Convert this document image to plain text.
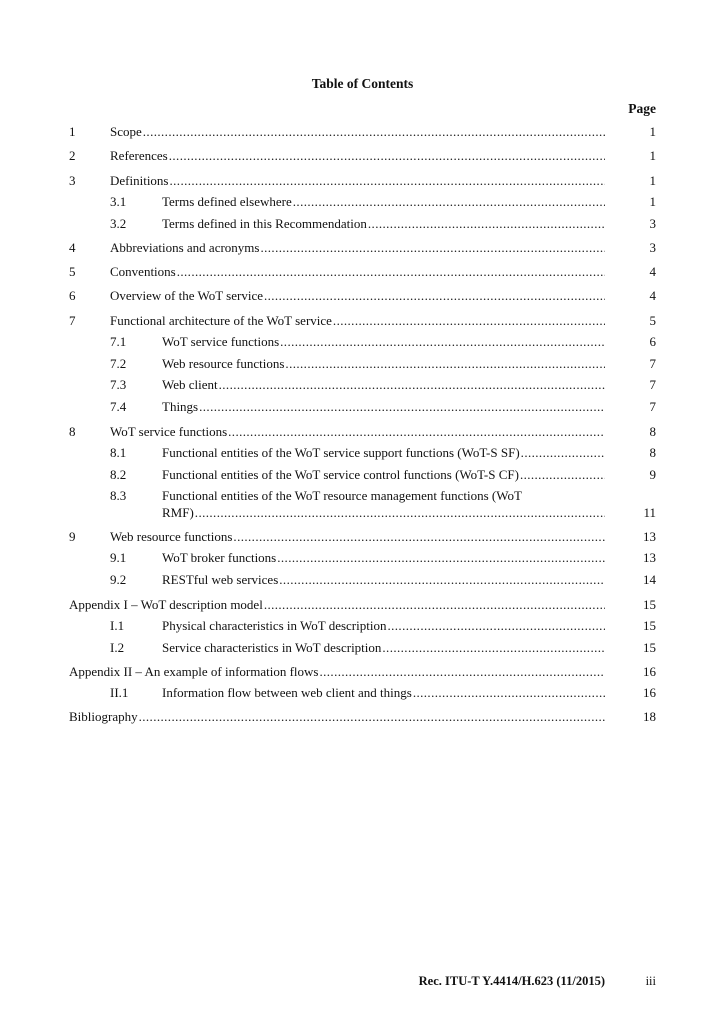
Table of Contents
Page
1	Scope .....	1
2	References .....	1
3	Definitions .....	1
3.1	Terms defined elsewhere .....	1
3.2	Terms defined in this Recommendation .....	3
4	Abbreviations and acronyms .....	3
5	Conventions .....	4
6	Overview of the WoT service .....	4
7	Functional architecture of the WoT service .....	5
7.1	WoT service functions .....	6
7.2	Web resource functions .....	7
7.3	Web client .....	7
7.4	Things .....	7
8	WoT service functions .....	8
8.1	Functional entities of the WoT service support functions (WoT-S SF) .....	8
8.2	Functional entities of the WoT service control functions (WoT-S CF) .....	9
8.3	Functional entities of the WoT resource management functions (WoT
RMF) .....	11
9	Web resource functions .....	13
9.1	WoT broker functions .....	13
9.2	RESTful web services .....	14
Appendix I – WoT description model .....	15
I.1	Physical characteristics in WoT description .....	15
I.2	Service characteristics in WoT description .....	15
Appendix II – An example of information flows .....	16
II.1	Information flow between web client and things .....	16
Bibliography .....	18
Rec. ITU-T Y.4414/H.623 (11/2015)	iii
